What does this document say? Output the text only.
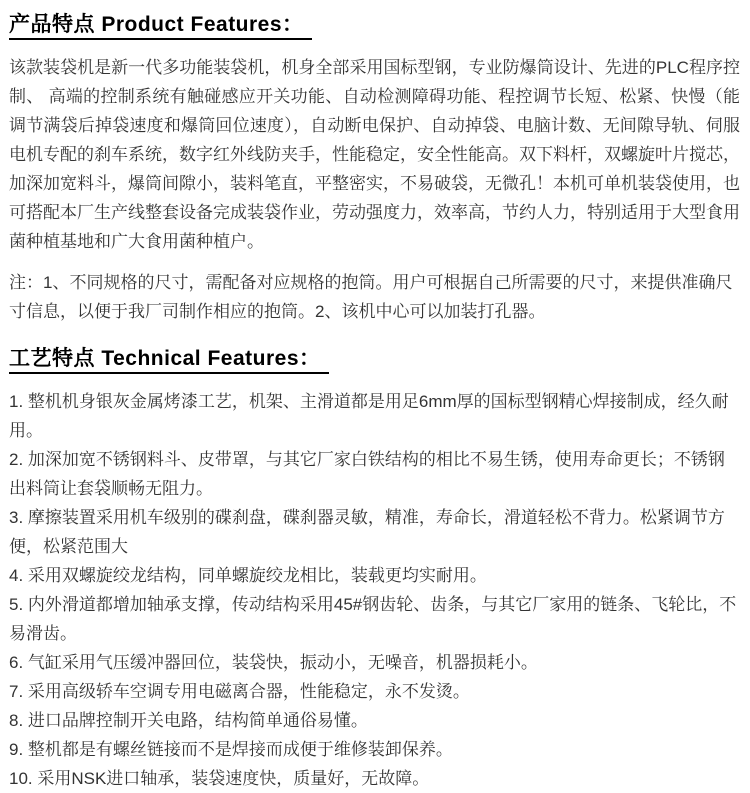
产品特点 Product Features：

该款装袋机是新一代多功能装袋机，机身全部采用国标型钢，专业防爆筒设计、先进的PLC程序控制、 高端的控制系统有触碰感应开关功能、自动检测障碍功能、程控调节长短、松紧、快慢（能调节满袋后掉袋速度和爆筒回位速度），自动断电保护、自动掉袋、电脑计数、无间隙导轨、伺服电机专配的刹车系统，数字红外线防夹手，性能稳定，安全性能高。双下料杆，双螺旋叶片搅芯，加深加宽料斗，爆筒间隙小，装料笔直，平整密实，不易破袋，无微孔！本机可单机装袋使用，也可搭配本厂生产线整套设备完成装袋作业，劳动强度力，效率高，节约人力，特别适用于大型食用菌种植基地和广大食用菌种植户。

注：1、不同规格的尺寸，需配备对应规格的抱筒。用户可根据自己所需要的尺寸，来提供准确尺寸信息，以便于我厂司制作相应的抱筒。2、该机中心可以加装打孔器。

工艺特点 Technical Features：
1. 整机机身银灰金属烤漆工艺，机架、主滑道都是用足6mm厚的国标型钢精心焊接制成，经久耐用。
2. 加深加宽不锈钢料斗、皮带罩，与其它厂家白铁结构的相比不易生锈，使用寿命更长；不锈钢出料筒让套袋顺畅无阻力。
3. 摩擦装置采用机车级别的碟刹盘，碟刹器灵敏，精准，寿命长，滑道轻松不背力。松紧调节方便，松紧范围大
4. 采用双螺旋绞龙结构，同单螺旋绞龙相比，装载更均实耐用。
5. 内外滑道都增加轴承支撑，传动结构采用45#钢齿轮、齿条，与其它厂家用的链条、飞轮比，不易滑齿。
6. 气缸采用气压缓冲器回位，装袋快，振动小，无噪音，机器损耗小。
7. 采用高级轿车空调专用电磁离合器，性能稳定，永不发烫。
8. 进口品牌控制开关电路，结构简单通俗易懂。
9. 整机都是有螺丝链接而不是焊接而成便于维修装卸保养。
10. 采用NSK进口轴承，装袋速度快，质量好，无故障。
